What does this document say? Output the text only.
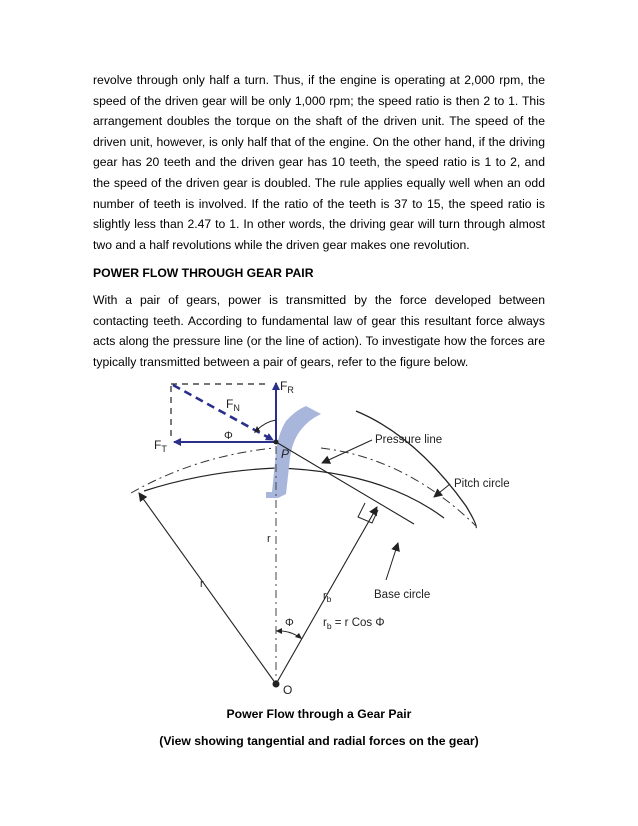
revolve through only half a turn. Thus, if the engine is operating at 2,000 rpm, the speed of the driven gear will be only 1,000 rpm; the speed ratio is then 2 to 1. This arrangement doubles the torque on the shaft of the driven unit. The speed of the driven unit, however, is only half that of the engine. On the other hand, if the driving gear has 20 teeth and the driven gear has 10 teeth, the speed ratio is 1 to 2, and the speed of the driven gear is doubled. The rule applies equally well when an odd number of teeth is involved. If the ratio of the teeth is 37 to 15, the speed ratio is slightly less than 2.47 to 1. In other words, the driving gear will turn through almost two and a half revolutions while the driven gear makes one revolution.

POWER FLOW THROUGH GEAR PAIR

With a pair of gears, power is transmitted by the force developed between contacting teeth. According to fundamental law of gear this resultant force always acts along the pressure line (or the line of action). To investigate how the forces are typically transmitted between a pair of gears, refer to the figure below.

$F_R$
$F_N$
$F_T$
Φ
P
Pressure line
Pitch circle
Base circle
r
r
$r_b$
Φ	$r_b = r$ Cos Φ
O

Power Flow through a Gear Pair

(View showing tangential and radial forces on the gear)
